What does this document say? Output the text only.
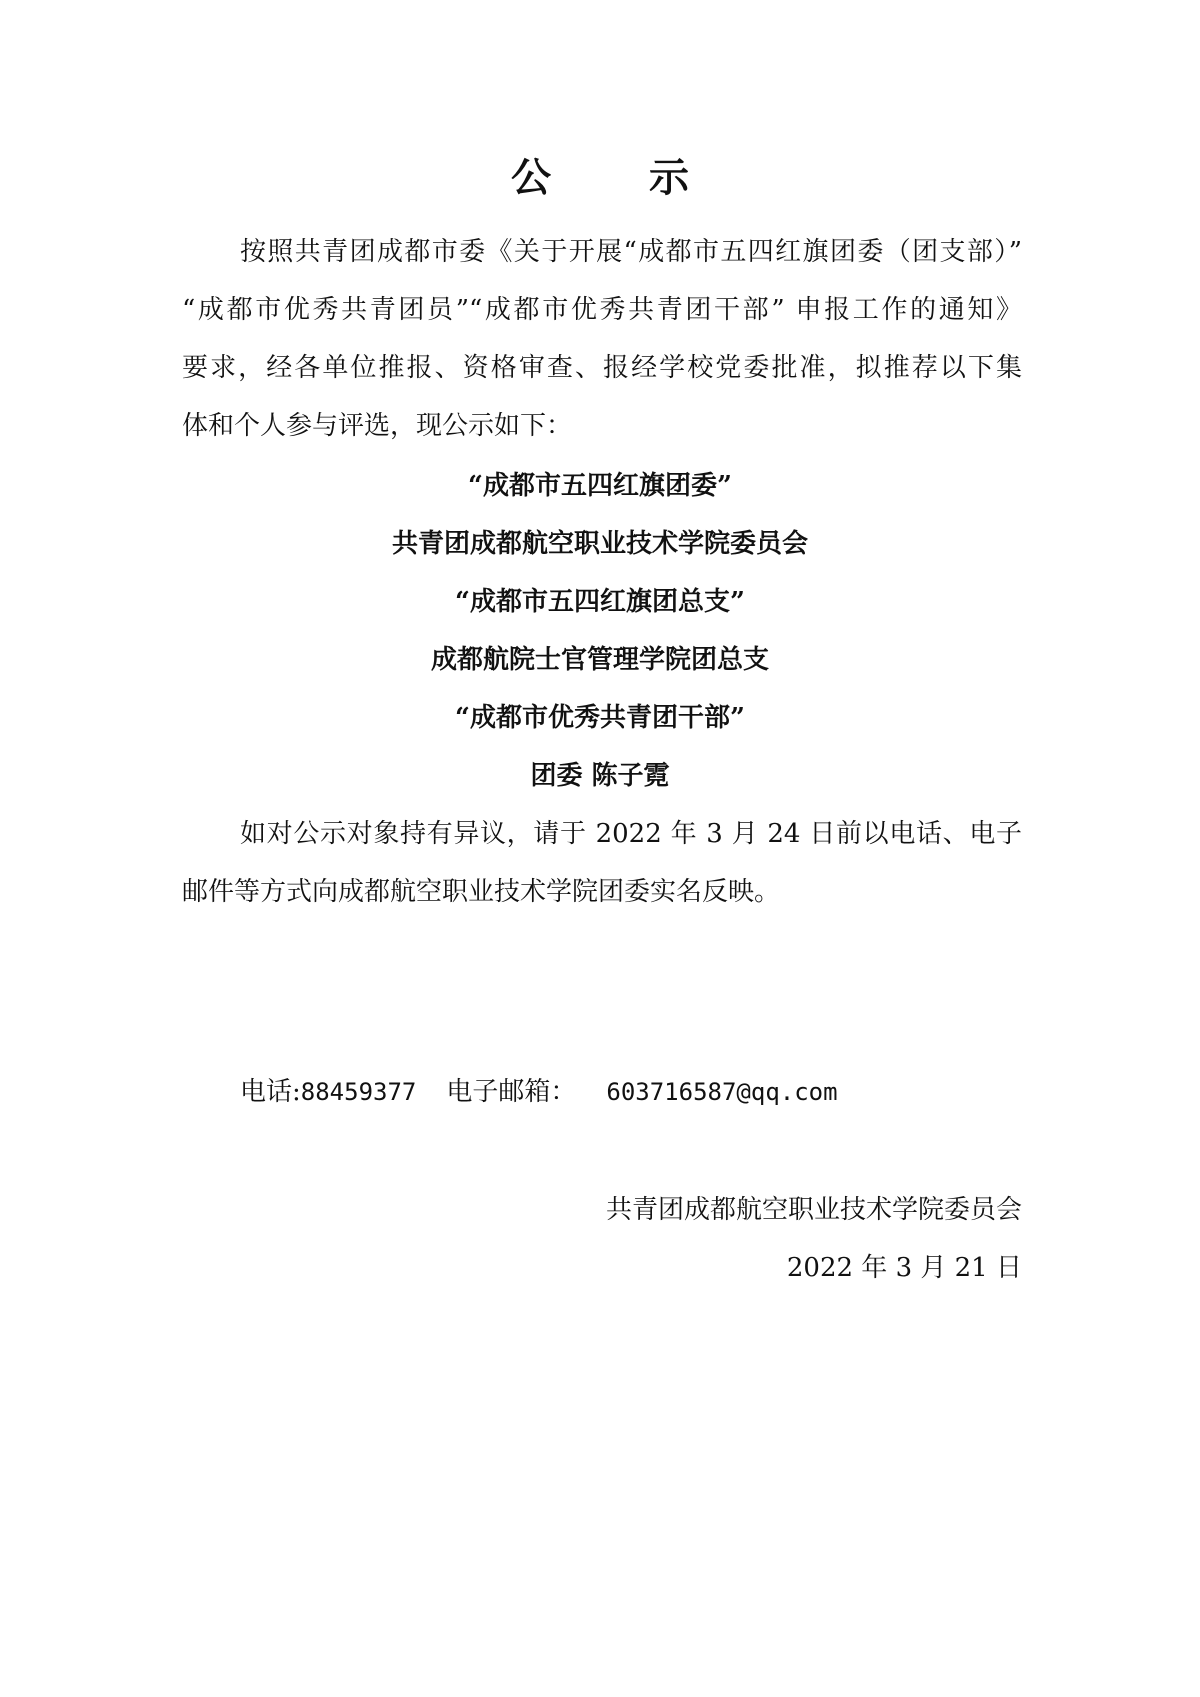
公 示
按照共青团成都市委《关于开展“成都市五四红旗团委（团支部）”
“成都市优秀共青团员”“成都市优秀共青团干部” 申报工作的通知》
要求，经各单位推报、资格审查、报经学校党委批准，拟推荐以下集
体和个人参与评选，现公示如下：
“成都市五四红旗团委”
共青团成都航空职业技术学院委员会
“成都市五四红旗团总支”
成都航院士官管理学院团总支
“成都市优秀共青团干部”
团委 陈子霓
如对公示对象持有异议，请于 2022 年 3 月 24 日前以电话、电子
邮件等方式向成都航空职业技术学院团委实名反映。
电话:88459377 电子邮箱： 603716587@qq.com
共青团成都航空职业技术学院委员会
2022 年 3 月 21 日
